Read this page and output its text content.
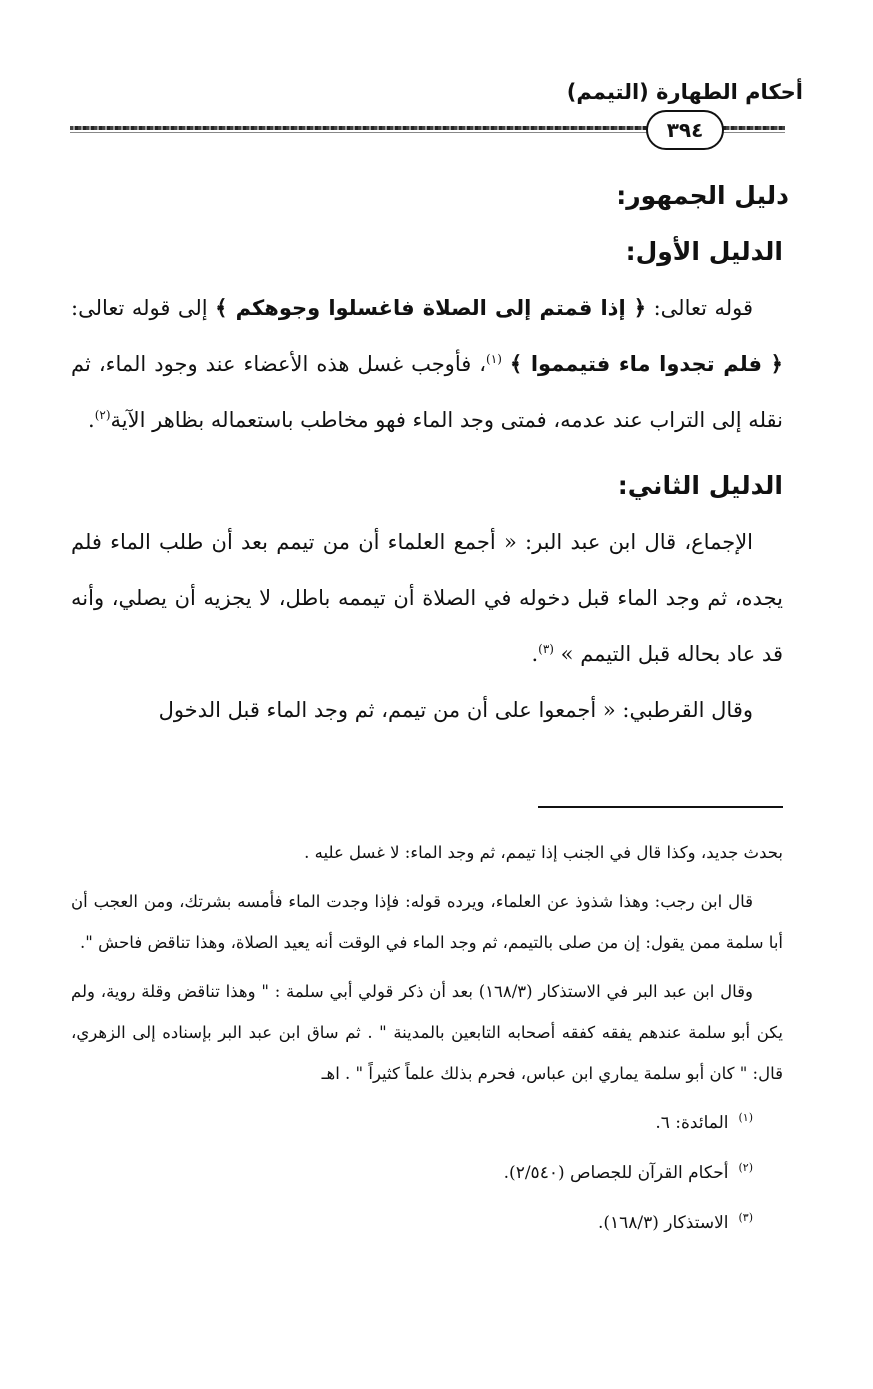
أحكام الطهارة (التيمم)
٣٩٤
دليل الجمهور:
الدليل الأول:

قوله تعالى: ﴿ إذا قمتم إلى الصلاة فاغسلوا وجوهكم ﴾ إلى قوله تعالى: ﴿ فلم تجدوا ماء فتيمموا ﴾ $^{(١)}$، فأوجب غسل هذه الأعضاء عند وجود الماء، ثم نقله إلى التراب عند عدمه، فمتى وجد الماء فهو مخاطب باستعماله بظاهر الآية$^{(٢)}$.

الدليل الثاني:

الإجماع، قال ابن عبد البر: « أجمع العلماء أن من تيمم بعد أن طلب الماء فلم يجده، ثم وجد الماء قبل دخوله في الصلاة أن تيممه باطل، لا يجزيه أن يصلي، وأنه قد عاد بحاله قبل التيمم » $^{(٣)}$.

وقال القرطبي: « أجمعوا على أن من تيمم، ثم وجد الماء قبل الدخول

بحدث جديد، وكذا قال في الجنب إذا تيمم، ثم وجد الماء: لا غسل عليه .

قال ابن رجب: وهذا شذوذ عن العلماء، ويرده قوله: فإذا وجدت الماء فأمسه بشرتك، ومن العجب أن أبا سلمة ممن يقول: إن من صلى بالتيمم، ثم وجد الماء في الوقت أنه يعيد الصلاة، وهذا تناقض فاحش ".

وقال ابن عبد البر في الاستذكار (١٦٨/٣) بعد أن ذكر قولي أبي سلمة : " وهذا تناقض وقلة روية، ولم يكن أبو سلمة عندهم يفقه كفقه أصحابه التابعين بالمدينة " . ثم ساق ابن عبد البر بإسناده إلى الزهري، قال: " كان أبو سلمة يماري ابن عباس، فحرم بذلك علماً كثيراً " . اهـ

$^{(١)}$المائدة: ٦.

$^{(٢)}$أحكام القرآن للجصاص (٢/٥٤٠).

$^{(٣)}$الاستذكار (١٦٨/٣).
